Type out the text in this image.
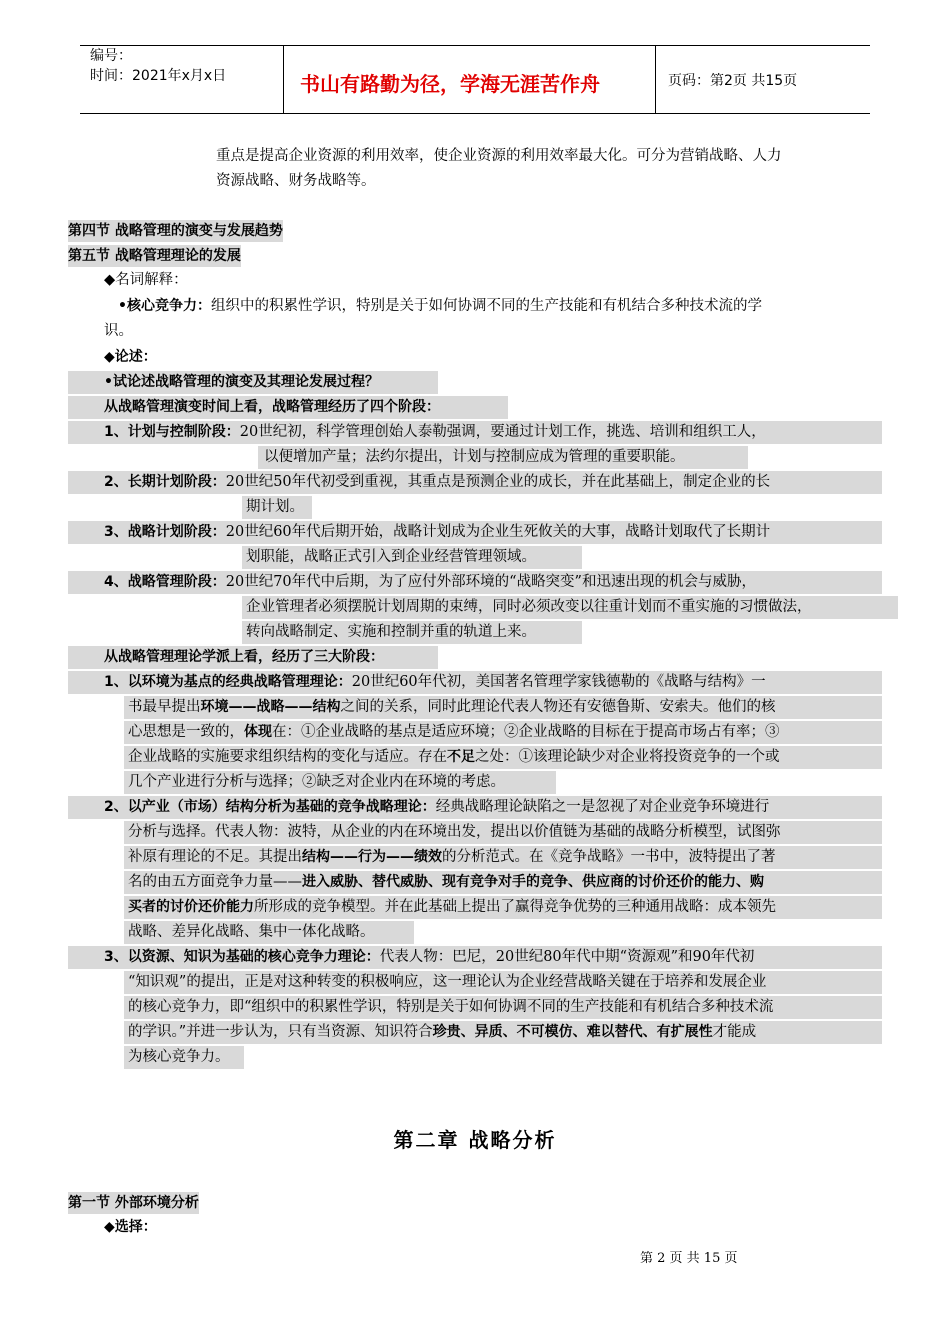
编号：
时间：2021年x月x日	书山有路勤为径，学海无涯苦作舟	页码：第2页 共15页
重点是提高企业资源的利用效率，使企业资源的利用效率最大化。可分为营销战略、人力
资源战略、财务战略等。
第四节 战略管理的演变与发展趋势
第五节 战略管理理论的发展
◆名词解释：
•核心竞争力：组织中的积累性学识，特别是关于如何协调不同的生产技能和有机结合多种技术流的学
识。
◆论述：
•试论述战略管理的演变及其理论发展过程？
从战略管理演变时间上看，战略管理经历了四个阶段：
1、计划与控制阶段：20世纪初，科学管理创始人泰勒强调，要通过计划工作，挑选、培训和组织工人，
以便增加产量；法约尔提出，计划与控制应成为管理的重要职能。
2、长期计划阶段：20世纪50年代初受到重视，其重点是预测企业的成长，并在此基础上，制定企业的长
期计划。
3、战略计划阶段：20世纪60年代后期开始，战略计划成为企业生死攸关的大事，战略计划取代了长期计
划职能，战略正式引入到企业经营管理领域。
4、战略管理阶段：20世纪70年代中后期，为了应付外部环境的“战略突变”和迅速出现的机会与威胁，
企业管理者必须摆脱计划周期的束缚，同时必须改变以往重计划而不重实施的习惯做法，
转向战略制定、实施和控制并重的轨道上来。
从战略管理理论学派上看，经历了三大阶段：
1、以环境为基点的经典战略管理理论：20世纪60年代初，美国著名管理学家钱德勒的《战略与结构》一
书最早提出环境——战略——结构之间的关系，同时此理论代表人物还有安德鲁斯、安索夫。他们的核
心思想是一致的，体现在：①企业战略的基点是适应环境；②企业战略的目标在于提高市场占有率；③
企业战略的实施要求组织结构的变化与适应。存在不足之处：①该理论缺少对企业将投资竞争的一个或
几个产业进行分析与选择；②缺乏对企业内在环境的考虑。
2、以产业（市场）结构分析为基础的竞争战略理论：经典战略理论缺陷之一是忽视了对企业竞争环境进行
分析与选择。代表人物：波特，从企业的内在环境出发，提出以价值链为基础的战略分析模型，试图弥
补原有理论的不足。其提出结构——行为——绩效的分析范式。在《竞争战略》一书中，波特提出了著
名的由五方面竞争力量——进入威胁、替代威胁、现有竞争对手的竞争、供应商的讨价还价的能力、购
买者的讨价还价能力所形成的竞争模型。并在此基础上提出了赢得竞争优势的三种通用战略：成本领先
战略、差异化战略、集中一体化战略。
3、以资源、知识为基础的核心竞争力理论：代表人物：巴尼，20世纪80年代中期“资源观”和90年代初
“知识观”的提出，正是对这种转变的积极响应，这一理论认为企业经营战略关键在于培养和发展企业
的核心竞争力，即“组织中的积累性学识，特别是关于如何协调不同的生产技能和有机结合多种技术流
的学识。”并进一步认为，只有当资源、知识符合珍贵、异质、不可模仿、难以替代、有扩展性才能成
为核心竞争力。
第二章 战略分析
第一节 外部环境分析
◆选择：
第 2 页 共 15 页
